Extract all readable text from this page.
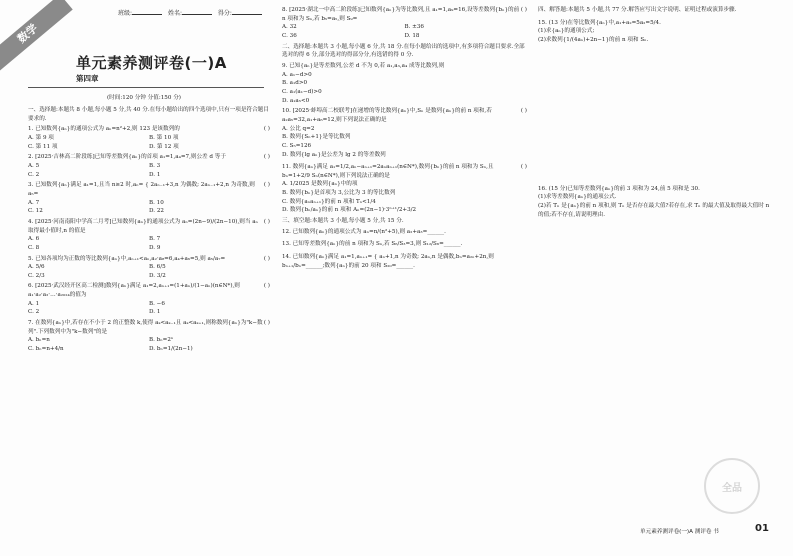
数学
班级:	姓名:	得分:
单元素养测评卷(一)A
第四章
(时间:120 分钟 分值:150 分)
一、选择题:本题共 8 小题,每小题 5 分,共 40 分.在每小题给出的四个选项中,只有一项是符合题目要求的.
( )
1. 已知数列{aₙ}的通项公式为 aₙ=n²+2,则 123 是该数列的
A. 第 9 项	B. 第 10 项
C. 第 11 项	D. 第 12 项
( )
2. [2025·吉林高二阶段练]已知等差数列{aₙ}的首项 a₁=1,a₄=7,则公差 d 等于
A. 5	B. 3
C. 2	D. 1
( )
3. 已知数列{aₙ}满足 a₁=1,且当 n≥2 时,aₙ= { 2aₙ₋₁+3,n 为偶数; 2aₙ₋₁+2,n 为奇数,则 a₅=
A. 7	B. 10
C. 12	D. 22
( )
4. [2025·河南南阳中学高二月考]已知数列{aₙ}的通项公式为 aₙ=(2n−9)/(2n−10),则当 aₙ 取得最小值时,n 的值是
A. 6	B. 7
C. 8	D. 9
( )
5. 已知各项均为正数的等比数列{aₙ}中,aₙ₊₁<aₙ,a₂·a₈=6,a₄+a₆=5,则 a₅/a₇=
A. 5/6	B. 6/5
C. 2/3	D. 3/2
( )
6. [2025·武汉经开区高二检测]数列{aₙ}满足 a₁=2,aₙ₊₁=(1+aₙ)/(1−aₙ)(n∈N*),则 a₁·a₂·a₃·…·a₂₀₂₄的值为
A. 1	B. −6
C. 2	D. 1
( )
7. 在数列{aₙ}中,若存在不小于 2 的正整数 k,使得 aₖ<aₖ₋₁且 aₖ<aₖ₊₁,则称数列{aₙ}为"k−数列".下列数列中为"k−数列"的是
A. bₙ=n	B. bₙ=2ⁿ
C. bₙ=n+4/n	D. bₙ=1/(2n−1)
( )
8. [2025·湖北一中高二阶段练]已知数列{aₙ}为等比数列,且 a₁=1,a₉=16,设等差数列{bₙ}的前 n 项和为 Sₙ,若 b₅=a₅,则 S₉=
A. 32	B. ±36
C. 36	D. 18
二、选择题:本题共 3 小题,每小题 6 分,共 18 分.在每小题给出的选项中,有多项符合题目要求.全部选对的得 6 分,部分选对的得部分分,有选错的得 0 分.
9. 已知{aₙ}是等差数列,公差 d 不为 0,若 a₁,a₃,a₄ 成等比数列,则
A. a₁−d>0
B. a₁d>0
C. a₁(a₁−d)>0
D. a₁a₅<0
( )
10. [2025·蚌埠高二校联考]在递增的等比数列{aₙ}中,Sₙ 是数列{aₙ}的前 n 项和,若 a₂a₅=32,a₁+a₆=12,则下列说法正确的是
A. 公比 q=2
B. 数列{Sₙ+1}是等比数列
C. S₅=126
D. 数列{lg aₙ}是公差为 lg 2 的等差数列
( )
11. 数列{aₙ}满足 a₁=1/2,aₙ−aₙ₊₁=2aₙaₙ₊₁(n∈N*),数列{bₙ}的前 n 项和为 Sₙ,且 bₙ=1+2/9 Sₙ(n∈N*),则下列说法正确的是
A. 1/2025 是数列{aₙ}中的项
B. 数列{bₙ}是首项为 3,公比为 3 的等比数列
C. 数列{aₙaₙ₊₁}的前 n 项和 Tₙ<1/4
D. 数列{bₙ/aₙ}的前 n 项和 Aₙ=(2n−1)·3ⁿ⁺¹/2+3/2
三、填空题:本题共 3 小题,每小题 5 分,共 15 分.
12. 已知数列{aₙ}的通项公式为 aₙ=n/(n²+5),则 a₂+a₃=______.
13. 已知等差数列{aₙ}的前 n 项和为 Sₙ,若 S₆/S₃=3,则 S₁₂/S₆=______.
14. 已知数列{aₙ}满足 a₁=1,aₙ₊₁= { aₙ+1,n 为奇数; 2aₙ,n 是偶数,bₙ=a₂ₙ+2n,则 bₙ₊₁/bₙ=______;数列{aₙ}的前 20 项和 S₂₀=______.
四、解答题:本题共 5 小题,共 77 分.解答应写出文字说明、证明过程或演算步骤.
15. (13 分)在等比数列{aₙ}中,a₁+a₂=5a₂=5/4.
(1)求{aₙ}的通项公式;
(2)求数列{1/(4aₙ)+2n−1}的前 n 项和 Sₙ.
16. (15 分)已知等差数列{aₙ}的前 3 项和为 24,前 5 项和是 30.
(1)求等差数列{aₙ}的通项公式.
(2)若 Tₙ 是{aₙ}的前 n 项和,则 Tₙ 是否存在最大值?若存在,求 Tₙ 的最大值及取得最大值时 n 的值;若不存在,请说明理由.
全品
单元素养测评卷(一)A 测评卷 书	01
